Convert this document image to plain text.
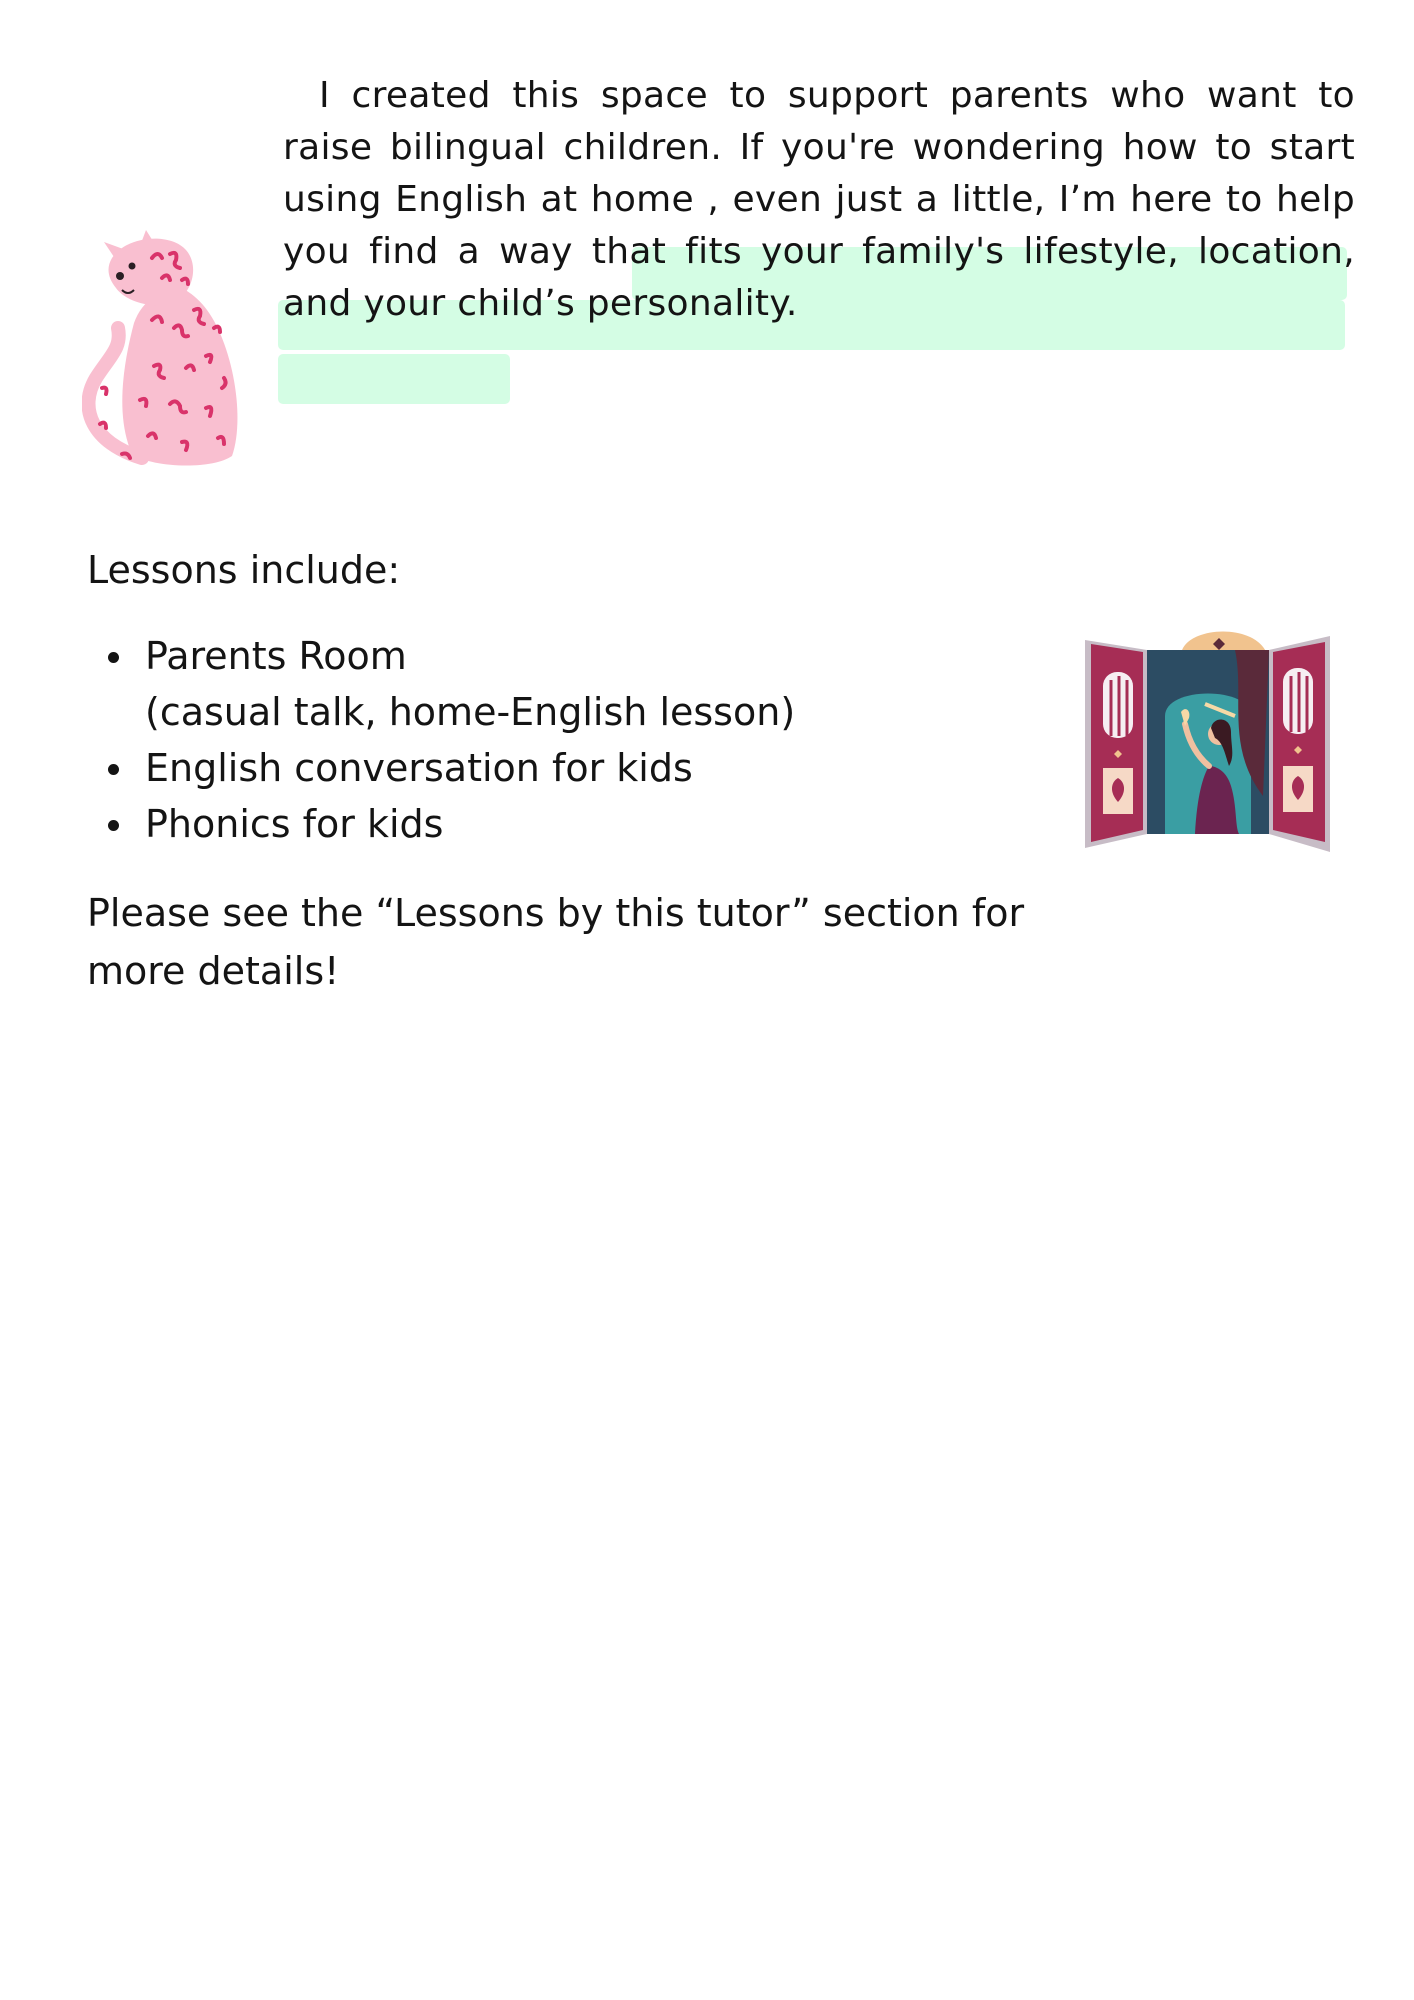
I created this space to support parents who want to raise bilingual children. If you're wondering how to start using English at home , even just a little, I’m here to help you find a way that fits your family's lifestyle, location, and your child’s personality.

Lessons include:
Parents Room
(casual talk, home-English lesson)
English conversation for kids
Phonics for kids

Please see the “Lessons by this tutor” section for more details!
